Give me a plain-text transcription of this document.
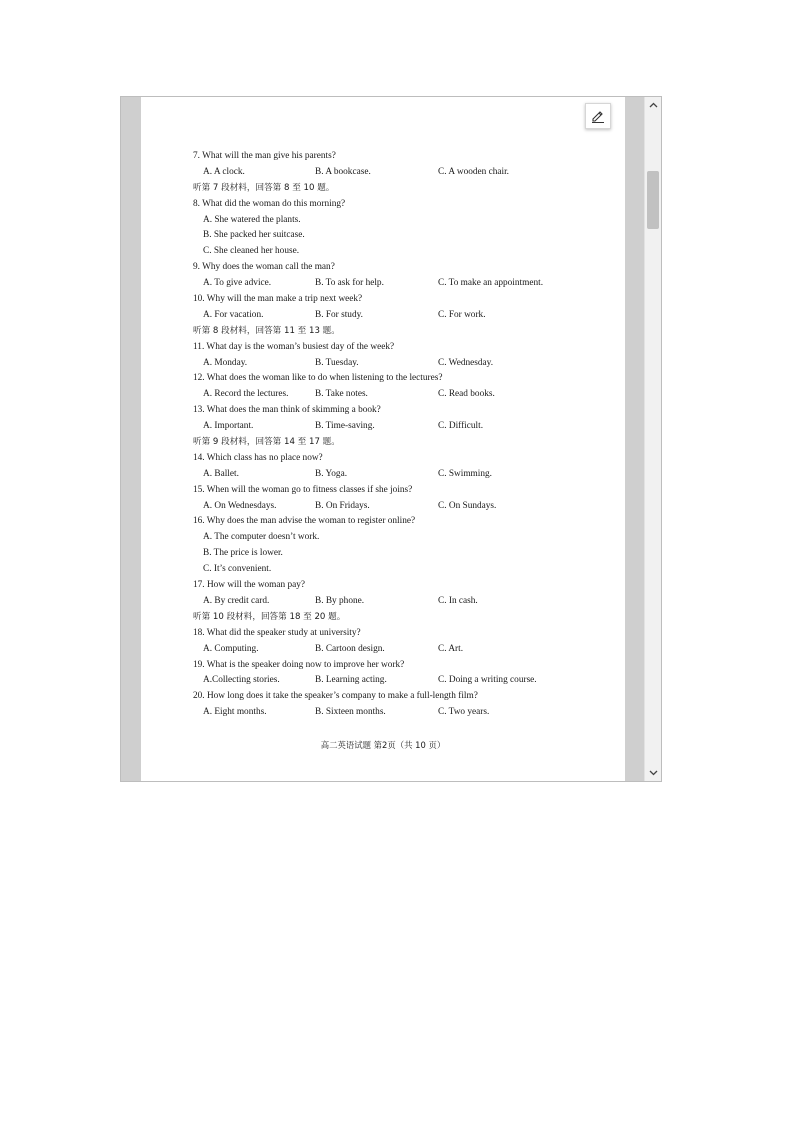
7. What will the man give his parents?
A. A clock.	B. A bookcase.	C. A wooden chair.
听第 7 段材料，回答第 8 至 10 题。
8. What did the woman do this morning?
A. She watered the plants.
B. She packed her suitcase.
C. She cleaned her house.
9. Why does the woman call the man?
A. To give advice.	B. To ask for help.	C. To make an appointment.
10. Why will the man make a trip next week?
A. For vacation.	B. For study.	C. For work.
听第 8 段材料，回答第 11 至 13 题。
11. What day is the woman’s busiest day of the week?
A. Monday.	B. Tuesday.	C. Wednesday.
12. What does the woman like to do when listening to the lectures?
A. Record the lectures.	B. Take notes.	C. Read books.
13. What does the man think of skimming a book?
A. Important.	B. Time-saving.	C. Difficult.
听第 9 段材料，回答第 14 至 17 题。
14. Which class has no place now?
A. Ballet.	B. Yoga.	C. Swimming.
15. When will the woman go to fitness classes if she joins?
A. On Wednesdays.	B. On Fridays.	C. On Sundays.
16. Why does the man advise the woman to register online?
A. The computer doesn’t work.
B. The price is lower.
C. It’s convenient.
17. How will the woman pay?
A. By credit card.	B. By phone.	C. In cash.
听第 10 段材料，回答第 18 至 20 题。
18. What did the speaker study at university?
A. Computing.	B. Cartoon design.	C. Art.
19. What is the speaker doing now to improve her work?
A.Collecting stories.	B. Learning acting.	C. Doing a writing course.
20. How long does it take the speaker’s company to make a full-length film?
A. Eight months.	B. Sixteen months.	C. Two years.
高二英语试题 第2页（共 10 页）
